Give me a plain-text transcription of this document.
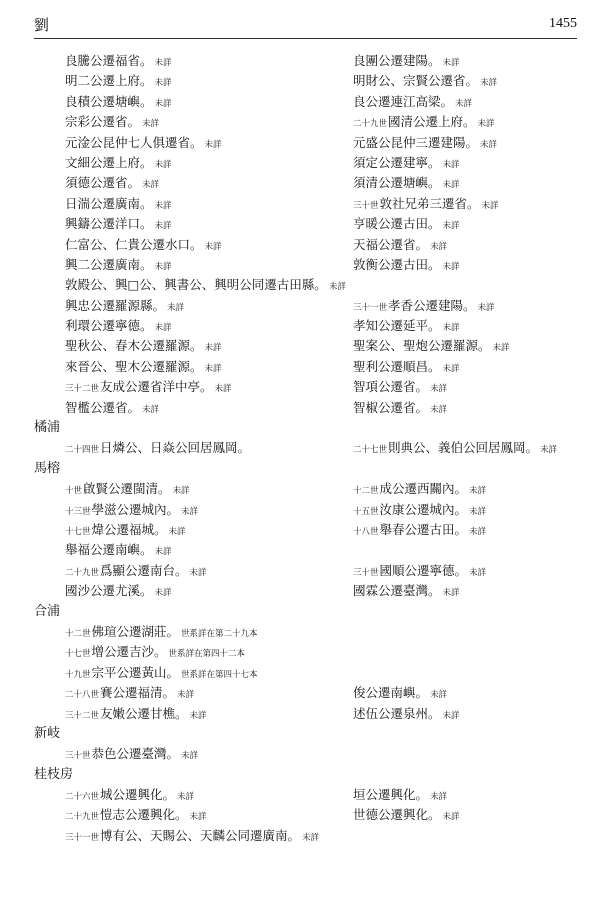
劉	1455
良騰公遷福省。 未詳	良團公遷建陽。 未詳
明二公遷上府。 未詳	明財公、宗賢公遷省。 未詳
良積公遷塘嶼。 未詳	良公遷連江高梁。 未詳
宗彩公遷省。 未詳	二十九世國清公遷上府。 未詳
元淦公昆仲七人俱遷省。 未詳	元盛公昆仲三遷建陽。 未詳
文細公遷上府。 未詳	須定公遷建寧。 未詳
須德公遷省。 未詳	須清公遷塘嶼。 未詳
日湍公遷廣南。 未詳	三十世敦社兄弟三遷省。 未詳
興鑄公遷洋口。 未詳	亨暖公遷古田。 未詳
仁富公、仁貴公遷水口。 未詳	天福公遷省。 未詳
興二公遷廣南。 未詳	敦衡公遷古田。 未詳
敦殿公、興□公、興書公、興明公同遷古田縣。 未詳
興忠公遷羅源縣。 未詳	三十一世孝香公遷建陽。 未詳
利環公遷寧德。 未詳	孝知公遷延平。 未詳
聖秋公、春木公遷羅源。 未詳	聖案公、聖炮公遷羅源。 未詳
來晉公、聖木公遷羅源。 未詳	聖利公遷順昌。 未詳
三十二世友成公遷省洋中亭。 未詳	智項公遷省。 未詳
智檻公遷省。 未詳	智椒公遷省。 未詳
橘浦
二十四世日燐公、日焱公回居鳳岡。	二十七世則典公、義伯公回居鳳岡。 未詳
馬榕
十世啟賢公遷閩清。 未詳	十二世成公遷西關內。 未詳
十三世學滋公遷城內。 未詳	十五世汝康公遷城內。 未詳
十七世煒公遷福城。 未詳	十八世舉春公遷古田。 未詳
舉福公遷南嶼。 未詳
二十九世爲顯公遷南台。 未詳	三十世國順公遷寧德。 未詳
國沙公遷尤溪。 未詳	國霖公遷臺灣。 未詳
合浦
十二世佛瑄公遷湖莊。 世系詳在第二十九本
十七世增公遷吉沙。 世系詳在第四十二本
十九世宗平公遷黃山。 世系詳在第四十七本
二十八世賽公遷福清。 未詳	俊公遷南嶼。 未詳
三十二世友嫩公遷甘樵。 未詳	述伍公遷泉州。 未詳
新岐
三十世恭色公遷臺灣。 未詳
桂枝房
二十六世城公遷興化。 未詳	垣公遷興化。 未詳
二十九世愷志公遷興化。 未詳	世德公遷興化。 未詳
三十一世博有公、天賜公、天麟公同遷廣南。 未詳
